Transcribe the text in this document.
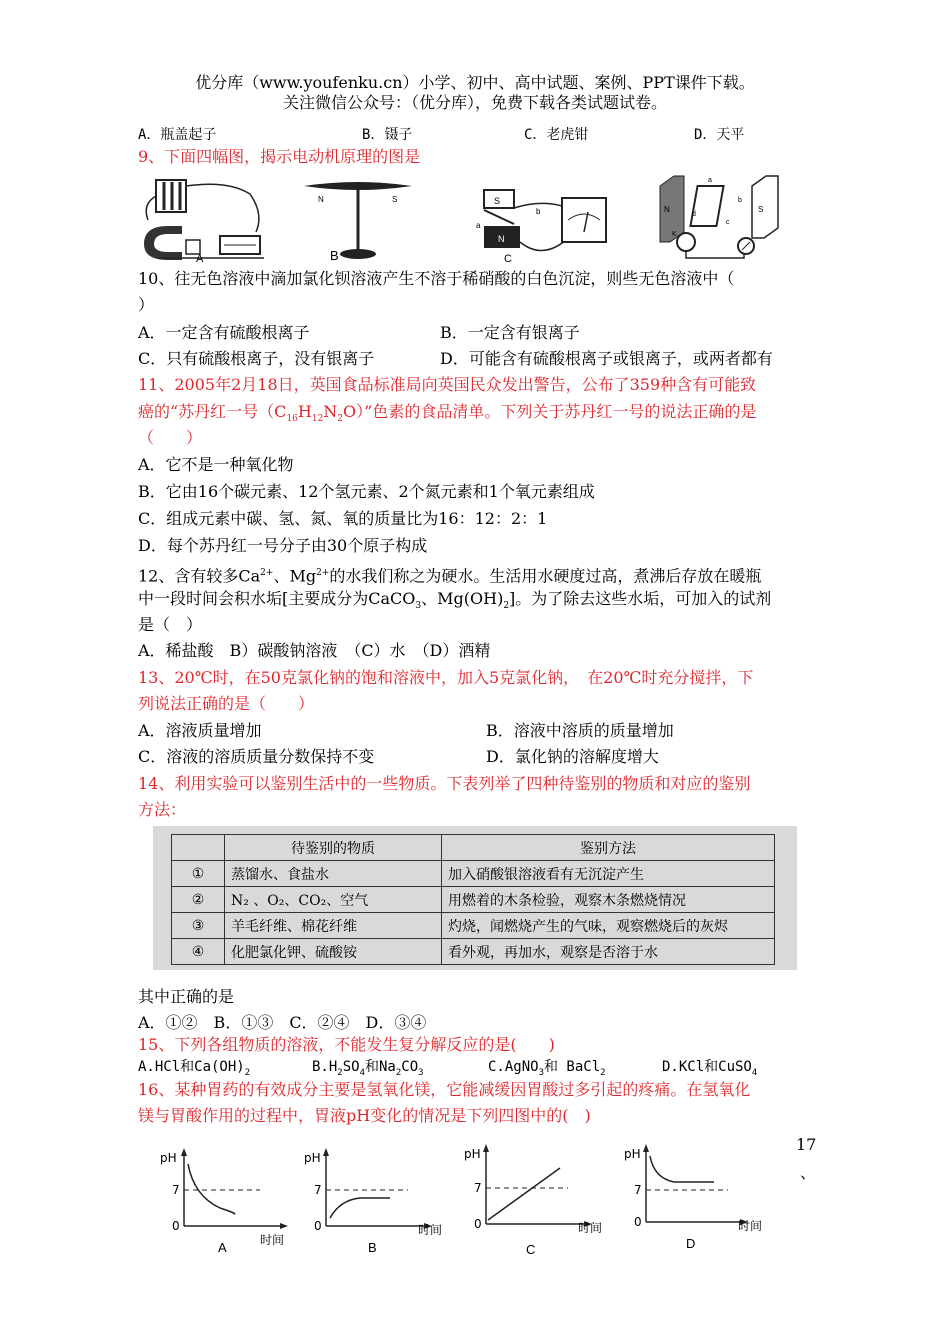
优分库（www.youfenku.cn）小学、初中、高中试题、案例、PPT课件下载。
关注微信公众号：（优分库），免费下载各类试题试卷。
A．瓶盖起子	B．镊子	C．老虎钳	D．天平
9、下面四幅图，揭示电动机原理的图是
A
N	S
B
S
N
a
b
C
N	S
a
b
c
d
K
10、往无色溶液中滴加氯化钡溶液产生不溶于稀硝酸的白色沉淀，则些无色溶液中（
）
A．一定含有硫酸根离子	B．一定含有银离子
C．只有硫酸根离子，没有银离子	D．可能含有硫酸根离子或银离子，或两者都有
11、2005年2月18日，英国食品标准局向英国民众发出警告，公布了359种含有可能致
癌的“苏丹红一号$(C_{16}H_{12}N_2O)$”色素的食品清单。下列关于苏丹红一号的说法正确的是
（　　）
A．它不是一种氧化物
B．它由16个碳元素、12个氢元素、2个氮元素和1个氧元素组成
C．组成元素中碳、氢、氮、氧的质量比为16：12：2：1
D．每个苏丹红一号分子由30个原子构成
12、含有较多$Ca^{2+}$、$Mg^{2+}$的水我们称之为硬水。生活用水硬度过高，煮沸后存放在暖瓶
中一段时间会积水垢[主要成分为CaCO$_3$、$Mg(OH)_2$]。为了除去这些水垢，可加入的试剂
是（　）
A．稀盐酸　B）碳酸钠溶液　（C）水　（D）酒精
13、20℃时，在50克氯化钠的饱和溶液中，加入5克氯化钠，　在20℃时充分搅拌，下
列说法正确的是（　　）
A．溶液质量增加	B．溶液中溶质的质量增加
C．溶液的溶质质量分数保持不变	D．氯化钠的溶解度增大
14、利用实验可以鉴别生活中的一些物质。下表列举了四种待鉴别的物质和对应的鉴别
方法：
	待鉴别的物质	鉴别方法
①	蒸馏水、食盐水	加入硝酸银溶液看有无沉淀产生
②	N₂ 、O₂、CO₂、空气	用燃着的木条检验，观察木条燃烧情况
③	羊毛纤维、棉花纤维	灼烧，闻燃烧产生的气味，观察燃烧后的灰烬
④	化肥氯化钾、硫酸铵	看外观，再加水，观察是否溶于水
其中正确的是
A．①②　B．①③　C．②④　D．③④
15、下列各组物质的溶液，不能发生复分解反应的是(　　)
A.HCl和$Ca(OH)_2$	$B.H_2SO_4$和$Na_2CO_3$	C.AgNO$_3$和 BaCl$_2$	D.KCl和CuSO$_4$
16、某种胃药的有效成分主要是氢氧化镁，它能减缓因胃酸过多引起的疼痛。在氢氧化
镁与胃酸作用的过程中，胃液pH变化的情况是下列四图中的(　)
17
、
pH
时间
7
0
A
pH
时间
7
0
B
pH
时间
7
0
C
pH
时间
7
0
D
